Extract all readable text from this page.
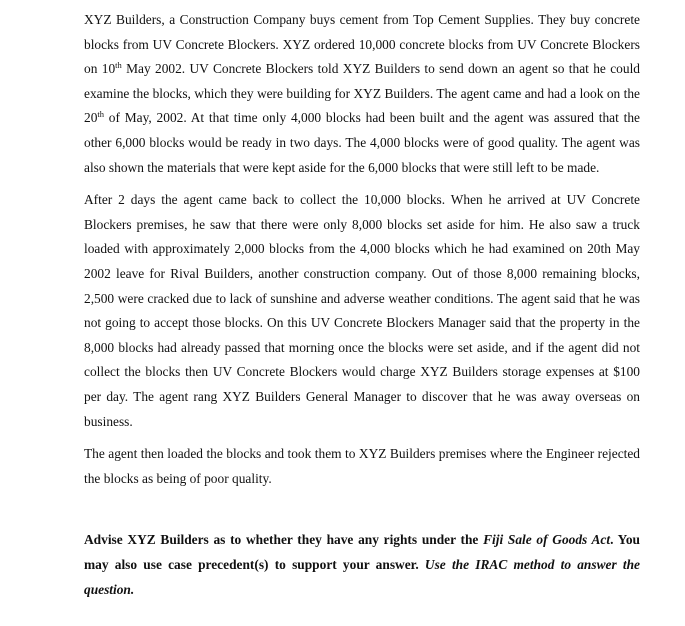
XYZ Builders, a Construction Company buys cement from Top Cement Supplies. They buy concrete blocks from UV Concrete Blockers. XYZ ordered 10,000 concrete blocks from UV Concrete Blockers on 10th May 2002. UV Concrete Blockers told XYZ Builders to send down an agent so that he could examine the blocks, which they were building for XYZ Builders. The agent came and had a look on the 20th of May, 2002. At that time only 4,000 blocks had been built and the agent was assured that the other 6,000 blocks would be ready in two days. The 4,000 blocks were of good quality. The agent was also shown the materials that were kept aside for the 6,000 blocks that were still left to be made.

After 2 days the agent came back to collect the 10,000 blocks. When he arrived at UV Concrete Blockers premises, he saw that there were only 8,000 blocks set aside for him. He also saw a truck loaded with approximately 2,000 blocks from the 4,000 blocks which he had examined on 20th May 2002 leave for Rival Builders, another construction company. Out of those 8,000 remaining blocks, 2,500 were cracked due to lack of sunshine and adverse weather conditions. The agent said that he was not going to accept those blocks. On this UV Concrete Blockers Manager said that the property in the 8,000 blocks had already passed that morning once the blocks were set aside, and if the agent did not collect the blocks then UV Concrete Blockers would charge XYZ Builders storage expenses at $100 per day. The agent rang XYZ Builders General Manager to discover that he was away overseas on business.

The agent then loaded the blocks and took them to XYZ Builders premises where the Engineer rejected the blocks as being of poor quality.

Advise XYZ Builders as to whether they have any rights under the Fiji Sale of Goods Act. You may also use case precedent(s) to support your answer. Use the IRAC method to answer the question.
